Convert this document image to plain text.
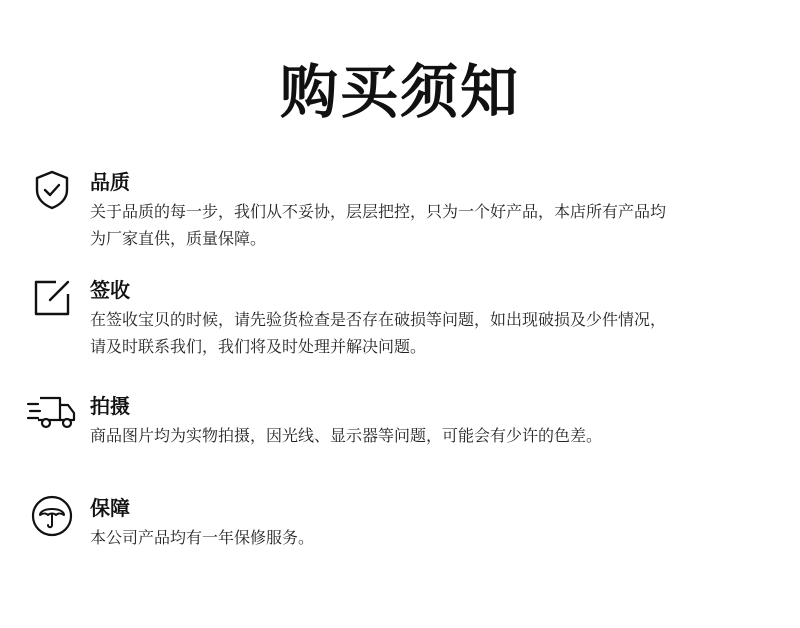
购买须知
品质
关于品质的每一步，我们从不妥协，层层把控，只为一个好产品，本店所有产品均
为厂家直供，质量保障。
签收
在签收宝贝的时候，请先验货检查是否存在破损等问题，如出现破损及少件情况，
请及时联系我们，我们将及时处理并解决问题。
拍摄
商品图片均为实物拍摄，因光线、显示器等问题，可能会有少许的色差。
保障
本公司产品均有一年保修服务。
